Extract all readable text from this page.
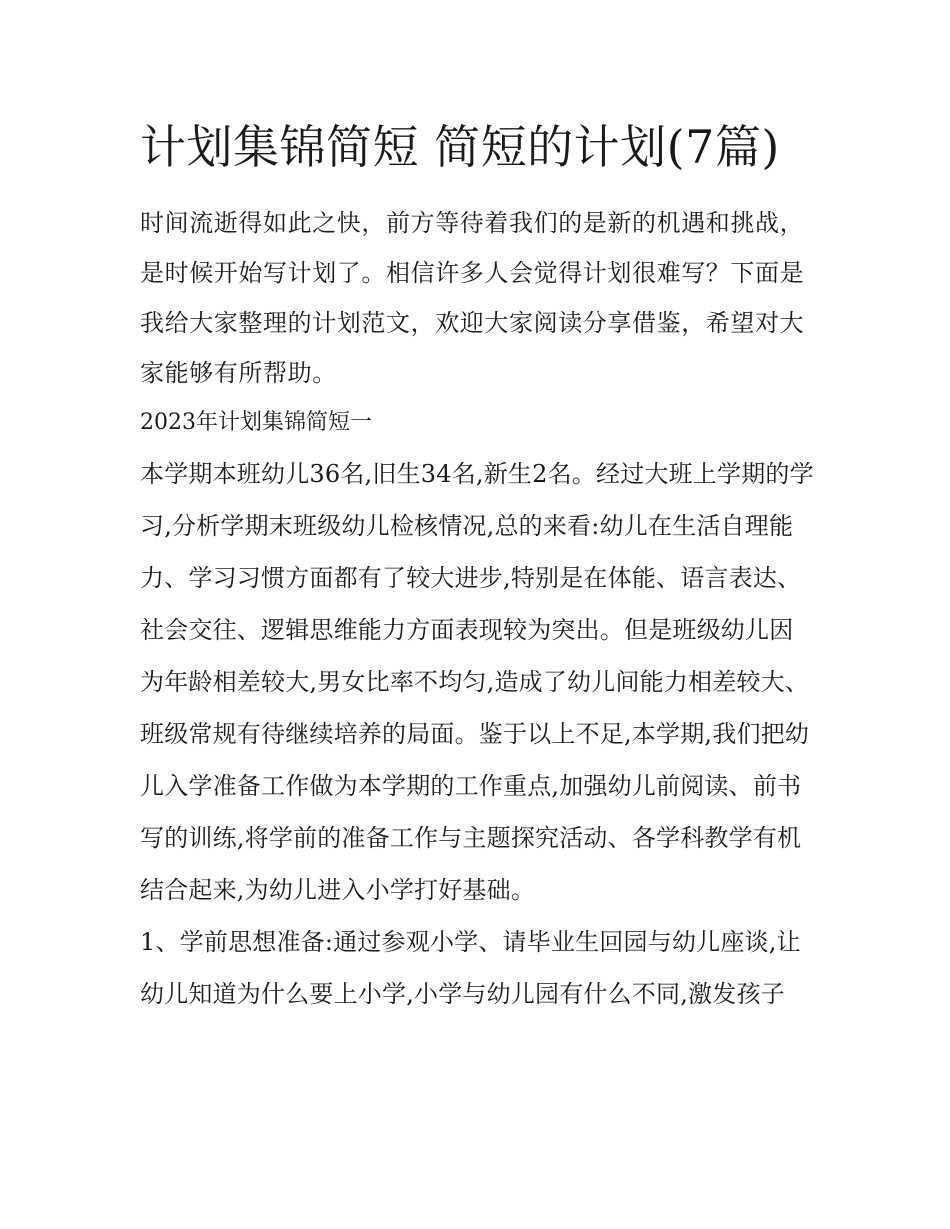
计划集锦简短 简短的计划(7篇)

时间流逝得如此之快，前方等待着我们的是新的机遇和挑战，是时候开始写计划了。相信许多人会觉得计划很难写？下面是我给大家整理的计划范文，欢迎大家阅读分享借鉴，希望对大家能够有所帮助。

2023年计划集锦简短一

本学期本班幼儿36名,旧生34名,新生2名。经过大班上学期的学习,分析学期末班级幼儿检核情况,总的来看:幼儿在生活自理能力、学习习惯方面都有了较大进步,特别是在体能、语言表达、社会交往、逻辑思维能力方面表现较为突出。但是班级幼儿因为年龄相差较大,男女比率不均匀,造成了幼儿间能力相差较大、班级常规有待继续培养的局面。鉴于以上不足,本学期,我们把幼儿入学准备工作做为本学期的工作重点,加强幼儿前阅读、前书写的训练,将学前的准备工作与主题探究活动、各学科教学有机结合起来,为幼儿进入小学打好基础。

1、学前思想准备:通过参观小学、请毕业生回园与幼儿座谈,让幼儿知道为什么要上小学,小学与幼儿园有什么不同,激发孩子
